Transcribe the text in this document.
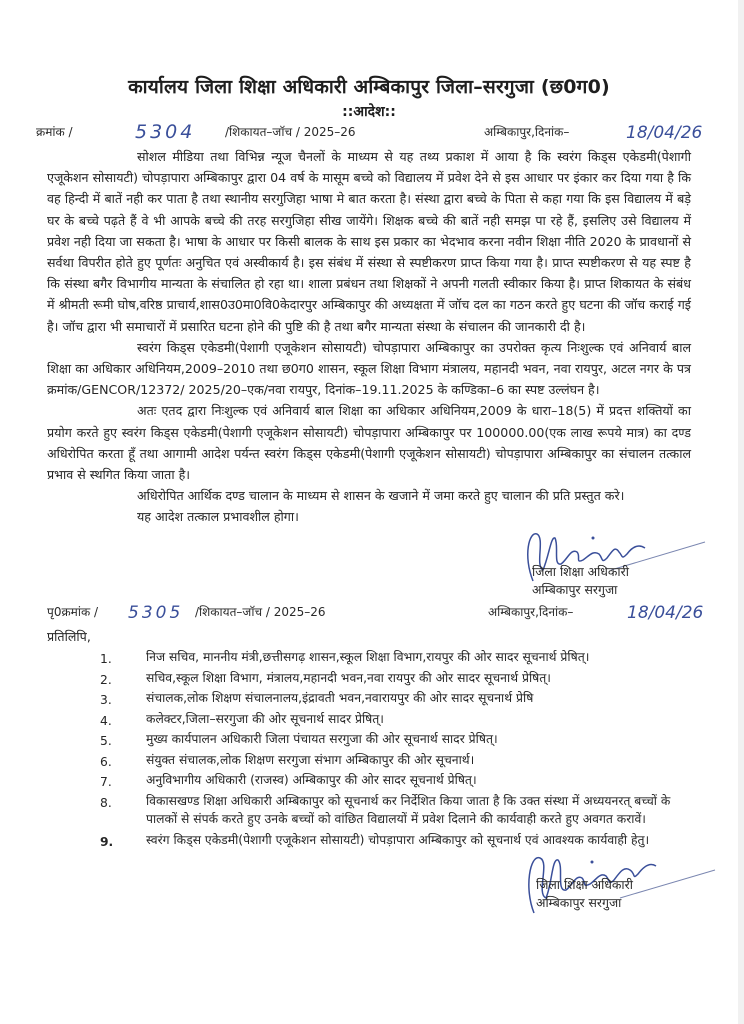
कार्यालय जिला शिक्षा अधिकारी अम्बिकापुर जिला–सरगुजा (छ0ग0)
::आदेश::
क्रमांक /	5304 /शिकायत–जॉच / 2025–26	अम्बिकापुर,दिनांक–	18/04/26

सोशल मीडिया तथा विभिन्न न्यूज चैनलों के माध्यम से यह तथ्य प्रकाश में आया है कि स्वरंग किड्स एकेडमी(पेशागी एजूकेशन सोसायटी) चोपड़ापारा अम्बिकापुर द्वारा 04 वर्ष के मासूम बच्चे को विद्यालय में प्रवेश देने से इस आधार पर इंकार कर दिया गया है कि वह हिन्दी में बातें नही कर पाता है तथा स्थानीय सरगुजिहा भाषा मे बात करता है। संस्था द्वारा बच्चे के पिता से कहा गया कि इस विद्यालय में बड़े घर के बच्चे पढ़ते हैं वे भी आपके बच्चे की तरह सरगुजिहा सीख जायेंगे। शिक्षक बच्चे की बातें नही समझ पा रहे हैं, इसलिए उसे विद्यालय में प्रवेश नही दिया जा सकता है। भाषा के आधार पर किसी बालक के साथ इस प्रकार का भेदभाव करना नवीन शिक्षा नीति 2020 के प्रावधानों से सर्वथा विपरीत होते हुए पूर्णतः अनुचित एवं अस्वीकार्य है। इस संबंध में संस्था से स्पष्टीकरण प्राप्त किया गया है। प्राप्त स्पष्टीकरण से यह स्पष्ट है कि संस्था बगैर विभागीय मान्यता के संचालित हो रहा था। शाला प्रबंधन तथा शिक्षकों ने अपनी गलती स्वीकार किया है। प्राप्त शिकायत के संबंध में श्रीमती रूमी घोष,वरिष्ठ प्राचार्य,शास0उ0मा0वि0केदारपुर अम्बिकापुर की अध्यक्षता में जॉच दल का गठन करते हुए घटना की जॉच कराई गई है। जॉच द्वारा भी समाचारों में प्रसारित घटना होने की पुष्टि की है तथा बगैर मान्यता संस्था के संचालन की जानकारी दी है।

स्वरंग किड्स एकेडमी(पेशागी एजूकेशन सोसायटी) चोपड़ापारा अम्बिकापुर का उपरोक्त कृत्य निःशुल्क एवं अनिवार्य बाल शिक्षा का अधिकार अधिनियम,2009–2010 तथा छ0ग0 शासन, स्कूल शिक्षा विभाग मंत्रालय, महानदी भवन, नवा रायपुर, अटल नगर के पत्र क्रमांक/GENCOR/12372/ 2025/20–एक/नवा रायपुर, दिनांक–19.11.2025 के कण्डिका–6 का स्पष्ट उल्लंघन है।

अतः एतद द्वारा निःशुल्क एवं अनिवार्य बाल शिक्षा का अधिकार अधिनियम,2009 के धारा–18(5) में प्रदत्त शक्तियों का प्रयोग करते हुए स्वरंग किड्स एकेडमी(पेशागी एजूकेशन सोसायटी) चोपड़ापारा अम्बिकापुर पर 100000.00(एक लाख रूपये मात्र) का दण्ड अधिरोपित करता हूँ तथा आगामी आदेश पर्यन्त स्वरंग किड्स एकेडमी(पेशागी एजूकेशन सोसायटी) चोपड़ापारा अम्बिकापुर का संचालन तत्काल प्रभाव से स्थगित किया जाता है।

अधिरोपित आर्थिक दण्ड चालान के माध्यम से शासन के खजाने में जमा करते हुए चालान की प्रति प्रस्तुत करे।

यह आदेश तत्काल प्रभावशील होगा।

जिला शिक्षा अधिकारी
अम्बिकापुर सरगुजा
पृ0क्रमांक / 5305 /शिकायत–जॉच / 2025–26	अम्बिकापुर,दिनांक–	18/04/26
प्रतिलिपि,
1.	निज सचिव, माननीय मंत्री,छत्तीसगढ़ शासन,स्कूल शिक्षा विभाग,रायपुर की ओर सादर सूचनार्थ प्रेषित्।
2.	सचिव,स्कूल शिक्षा विभाग, मंत्रालय,महानदी भवन,नवा रायपुर की ओर सादर सूचनार्थ प्रेषित्।
3.	संचालक,लोक शिक्षण संचालनालय,इंद्रावती भवन,नवारायपुर की ओर सादर सूचनार्थ प्रेषि
4.	कलेक्टर,जिला–सरगुजा की ओर सूचनार्थ सादर प्रेषित्।
5.	मुख्य कार्यपालन अधिकारी जिला पंचायत सरगुजा की ओर सूचनार्थ सादर प्रेषित्।
6.	संयुक्त संचालक,लोक शिक्षण सरगुजा संभाग अम्बिकापुर की ओर सूचनार्थ।
7.	अनुविभागीय अधिकारी (राजस्व) अम्बिकापुर की ओर सादर सूचनार्थ प्रेषित्।
8.	विकासखण्ड शिक्षा अधिकारी अम्बिकापुर को सूचनार्थ कर निर्देशित किया जाता है कि उक्त संस्था में अध्ययनरत् बच्चों के पालकों से संपर्क करते हुए उनके बच्चों को वांछित विद्यालयों में प्रवेश दिलाने की कार्यवाही करते हुए अवगत करावें।
9.	स्वरंग किड्स एकेडमी(पेशागी एजूकेशन सोसायटी) चोपड़ापारा अम्बिकापुर को सूचनार्थ एवं आवश्यक कार्यवाही हेतु।
जिला शिक्षा अधिकारी
अम्बिकापुर सरगुजा
